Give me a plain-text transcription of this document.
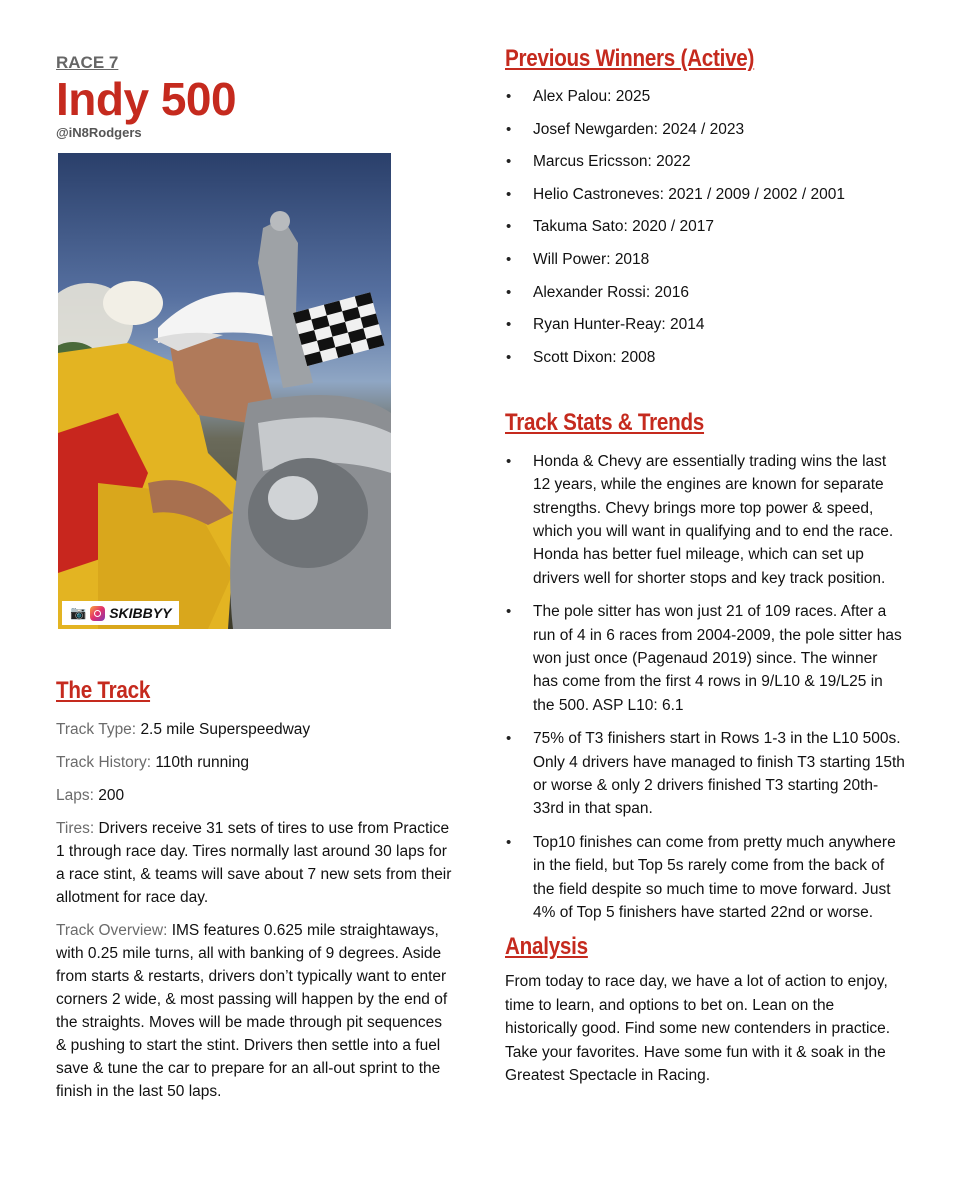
RACE 7

Indy 500

@iN8Rodgers

📷 SKIBBYY
The Track

Track Type: 2.5 mile Superspeedway

Track History: 110th running

Laps: 200

Tires: Drivers receive 31 sets of tires to use from Practice 1 through race day. Tires normally last around 30 laps for a race stint, & teams will save about 7 new sets from their allotment for race day.

Track Overview: IMS features 0.625 mile straightaways, with 0.25 mile turns, all with banking of 9 degrees. Aside from starts & restarts, drivers don’t typically want to enter corners 2 wide, & most passing will happen by the end of the straights. Moves will be made through pit sequences & pushing to start the stint. Drivers then settle into a fuel save & tune the car to prepare for an all-out sprint to the finish in the last 50 laps.

Previous Winners (Active)
• Alex Palou: 2025
• Josef Newgarden: 2024 / 2023
• Marcus Ericsson: 2022
• Helio Castroneves: 2021 / 2009 / 2002 / 2001
• Takuma Sato: 2020 / 2017
• Will Power: 2018
• Alexander Rossi: 2016
• Ryan Hunter-Reay: 2014
• Scott Dixon: 2008
Track Stats & Trends
• Honda & Chevy are essentially trading wins the last 12 years, while the engines are known for separate strengths. Chevy brings more top power & speed, which you will want in qualifying and to end the race. Honda has better fuel mileage, which can set up drivers well for shorter stops and key track position.
• The pole sitter has won just 21 of 109 races. After a run of 4 in 6 races from 2004-2009, the pole sitter has won just once (Pagenaud 2019) since. The winner has come from the first 4 rows in 9/L10 & 19/L25 in the 500. ASP L10: 6.1
• 75% of T3 finishers start in Rows 1-3 in the L10 500s. Only 4 drivers have managed to finish T3 starting 15th or worse & only 2 drivers finished T3 starting 20th-33rd in that span.
• Top10 finishes can come from pretty much anywhere in the field, but Top 5s rarely come from the back of the field despite so much time to move forward. Just 4% of Top 5 finishers have started 22nd or worse.
Analysis

From today to race day, we have a lot of action to enjoy, time to learn, and options to bet on. Lean on the historically good. Find some new contenders in practice. Take your favorites. Have some fun with it & soak in the Greatest Spectacle in Racing.
